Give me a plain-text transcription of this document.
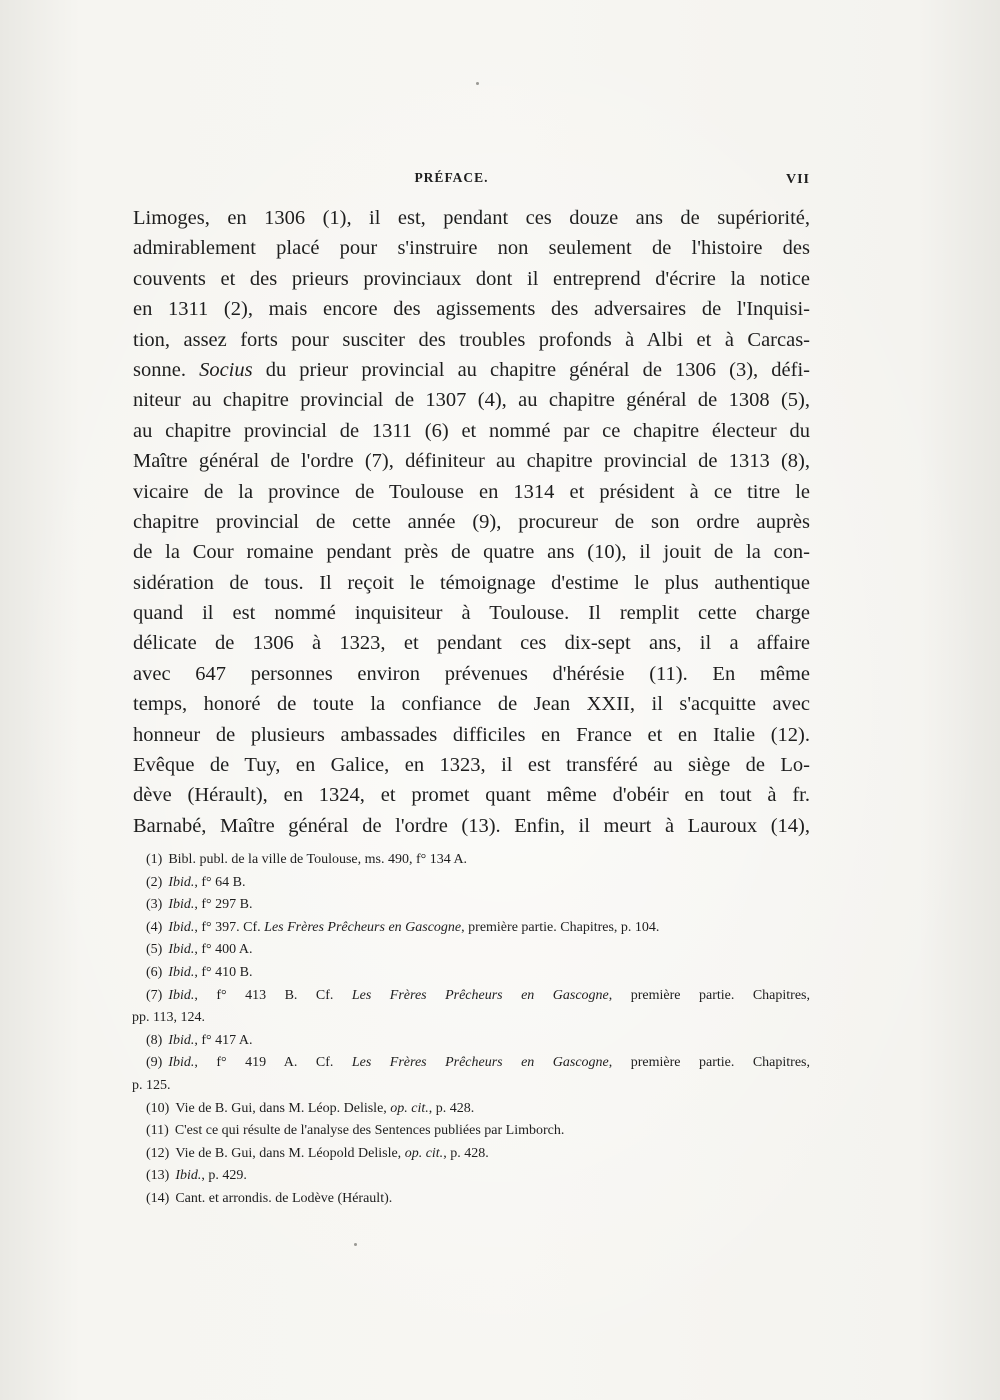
PRÉFACE.	VII
Limoges, en 1306 (1), il est, pendant ces douze ans de supériorité,
admirablement placé pour s'instruire non seulement de l'histoire des
couvents et des prieurs provinciaux dont il entreprend d'écrire la notice
en 1311 (2), mais encore des agissements des adversaires de l'Inquisi-
tion, assez forts pour susciter des troubles profonds à Albi et à Carcas-
sonne. Socius du prieur provincial au chapitre général de 1306 (3), défi-
niteur au chapitre provincial de 1307 (4), au chapitre général de 1308 (5),
au chapitre provincial de 1311 (6) et nommé par ce chapitre électeur du
Maître général de l'ordre (7), définiteur au chapitre provincial de 1313 (8),
vicaire de la province de Toulouse en 1314 et président à ce titre le
chapitre provincial de cette année (9), procureur de son ordre auprès
de la Cour romaine pendant près de quatre ans (10), il jouit de la con-
sidération de tous. Il reçoit le témoignage d'estime le plus authentique
quand il est nommé inquisiteur à Toulouse. Il remplit cette charge
délicate de 1306 à 1323, et pendant ces dix-sept ans, il a affaire
avec 647 personnes environ prévenues d'hérésie (11). En même
temps, honoré de toute la confiance de Jean XXII, il s'acquitte avec
honneur de plusieurs ambassades difficiles en France et en Italie (12).
Evêque de Tuy, en Galice, en 1323, il est transféré au siège de Lo-
dève (Hérault), en 1324, et promet quant même d'obéir en tout à fr.
Barnabé, Maître général de l'ordre (13). Enfin, il meurt à Lauroux (14),
(1) Bibl. publ. de la ville de Toulouse, ms. 490, f° 134 A.
(2) Ibid., f° 64 B.
(3) Ibid., f° 297 B.
(4) Ibid., f° 397. Cf. Les Frères Prêcheurs en Gascogne, première partie. Chapitres, p. 104.
(5) Ibid., f° 400 A.
(6) Ibid., f° 410 B.
(7) Ibid., f° 413 B. Cf. Les Frères Prêcheurs en Gascogne, première partie. Chapitres,
pp. 113, 124.
(8) Ibid., f° 417 A.
(9) Ibid., f° 419 A. Cf. Les Frères Prêcheurs en Gascogne, première partie. Chapitres,
p. 125.
(10) Vie de B. Gui, dans M. Léop. Delisle, op. cit., p. 428.
(11) C'est ce qui résulte de l'analyse des Sentences publiées par Limborch.
(12) Vie de B. Gui, dans M. Léopold Delisle, op. cit., p. 428.
(13) Ibid., p. 429.
(14) Cant. et arrondis. de Lodève (Hérault).
